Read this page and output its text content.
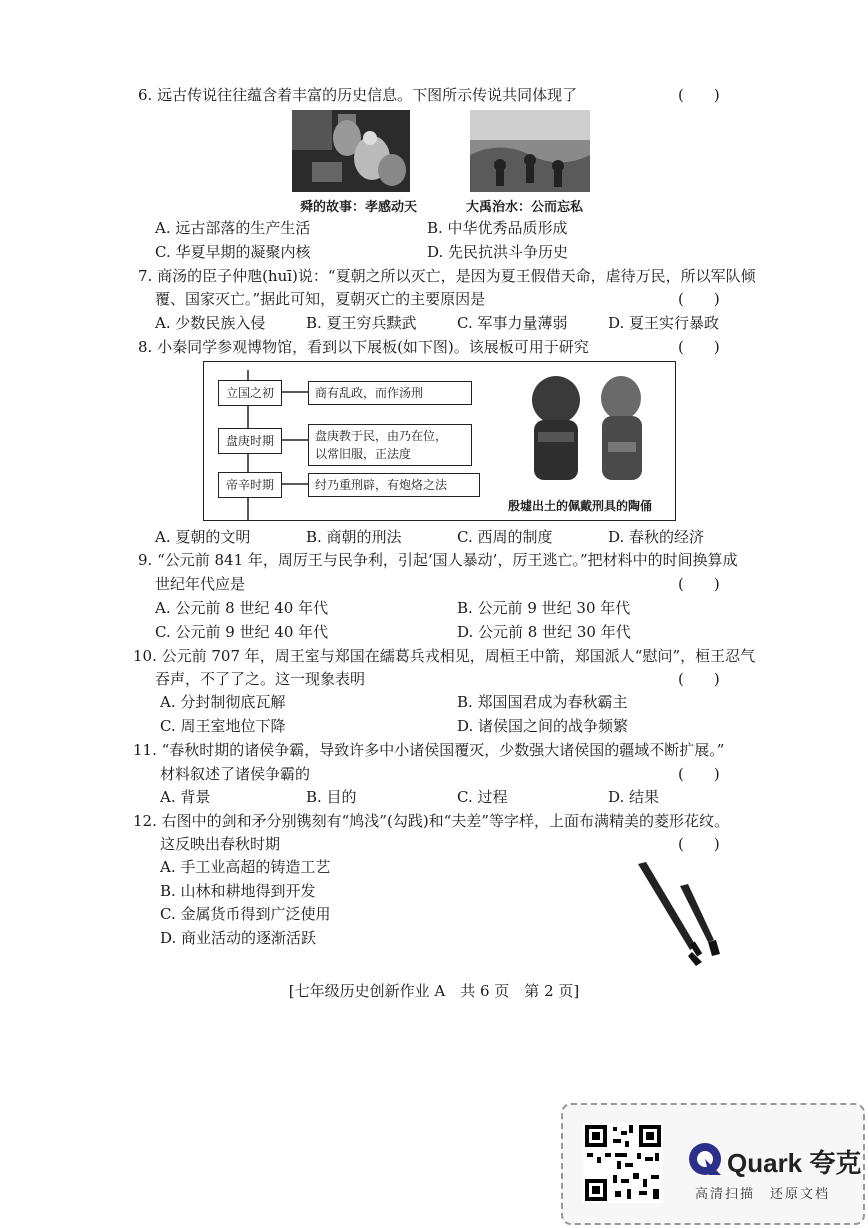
6. 远古传说往往蕴含着丰富的历史信息。下图所示传说共同体现了	(　　)
舜的故事：孝感动天	大禹治水：公而忘私
A. 远古部落的生产生活	B. 中华优秀品质形成
C. 华夏早期的凝聚内核	D. 先民抗洪斗争历史
7. 商汤的臣子仲虺(huī)说：“夏朝之所以灭亡，是因为夏王假借天命，虐待万民，所以军队倾
覆、国家灭亡。”据此可知，夏朝灭亡的主要原因是	(　　)
A. 少数民族入侵	B. 夏王穷兵黩武	C. 军事力量薄弱	D. 夏王实行暴政
8. 小秦同学参观博物馆，看到以下展板(如下图)。该展板可用于研究	(　　)
立国之初
盘庚时期
帝辛时期
商有乱政，而作汤刑
盘庚教于民，由乃在位，
以常旧服，正法度
纣乃重刑辟，有炮烙之法
殷墟出土的佩戴刑具的陶俑
A. 夏朝的文明	B. 商朝的刑法	C. 西周的制度	D. 春秋的经济
9. “公元前 841 年，周厉王与民争利，引起‘国人暴动’，厉王逃亡。”把材料中的时间换算成
世纪年代应是	(　　)
A. 公元前 8 世纪 40 年代	B. 公元前 9 世纪 30 年代
C. 公元前 9 世纪 40 年代	D. 公元前 8 世纪 30 年代
10. 公元前 707 年，周王室与郑国在繻葛兵戎相见，周桓王中箭，郑国派人“慰问”，桓王忍气
吞声，不了了之。这一现象表明	(　　)
A. 分封制彻底瓦解	B. 郑国国君成为春秋霸主
C. 周王室地位下降	D. 诸侯国之间的战争频繁
11. “春秋时期的诸侯争霸，导致许多中小诸侯国覆灭，少数强大诸侯国的疆域不断扩展。”
材料叙述了诸侯争霸的	(　　)
A. 背景	B. 目的	C. 过程	D. 结果
12. 右图中的剑和矛分别镌刻有“鸠浅”(勾践)和“夫差”等字样，上面布满精美的菱形花纹。
这反映出春秋时期	(　　)
A. 手工业高超的铸造工艺
B. 山林和耕地得到开发
C. 金属货币得到广泛使用
D. 商业活动的逐渐活跃
[七年级历史创新作业 A　共 6 页　第 2 页]
Quark 夸克
高清扫描　还原文档
